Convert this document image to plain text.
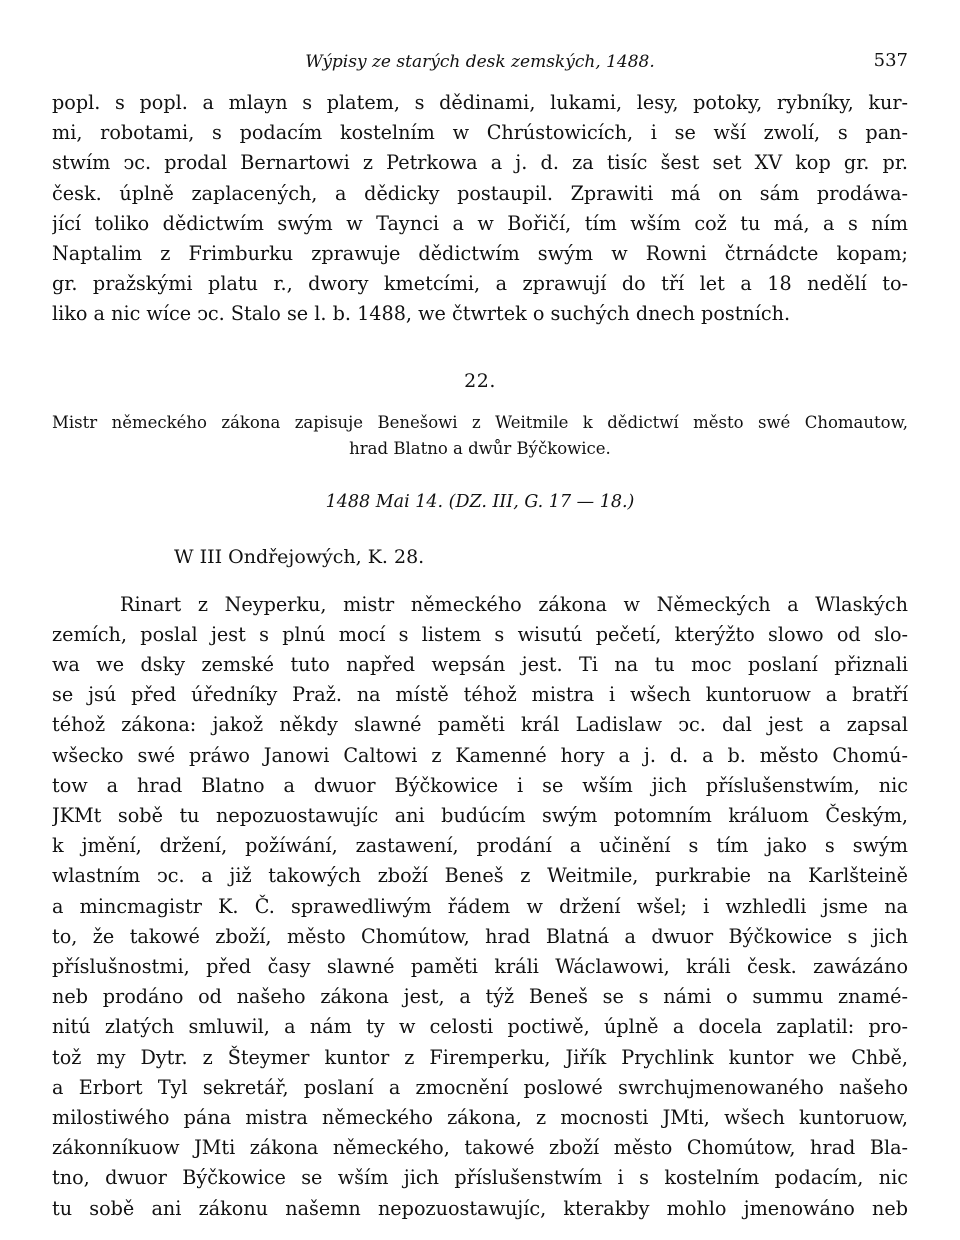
Wýpisy ze starých desk zemských, 1488.	537
popl. s popl. a mlayn s platem, s dědinami, lukami, lesy, potoky, rybníky, kur-
mi, robotami, s podacím kostelním w Chrústowicích, i se wší zwolí, s pan-
stwím ͻc. prodal Bernartowi z Petrkowa a j. d. za tisíc šest set XV kop gr. pr.
česk. úplně zaplacených, a dědicky postaupil. Zprawiti má on sám prodáwa-
jící toliko dědictwím swým w Taynci a w Bořičí, tím wším což tu má, a s ním
Naptalim z Frimburku zprawuje dědictwím swým w Rowni čtrnádcte kopam;
gr. pražskými platu r., dwory kmetcími, a zprawují do tří let a 18 nedělí to-
liko a nic wíce ͻc. Stalo se l. b. 1488, we čtwrtek o suchých dnech postních.
22.
Mistr německého zákona zapisuje Benešowi z Weitmile k dědictwí město swé Chomautow,
hrad Blatno a dwůr Býčkowice.
1488 Mai 14. (DZ. III, G. 17 — 18.)
W III Ondřejowých, K. 28.
Rinart z Neyperku, mistr německého zákona w Německých a Wlaských
zemích, poslal jest s plnú mocí s listem s wisutú pečetí, kterýžto slowo od slo-
wa we dsky zemské tuto napřed wepsán jest. Ti na tu moc poslaní přiznali
se jsú před úředníky Praž. na místě téhož mistra i wšech kuntoruow a bratří
téhož zákona: jakož někdy slawné paměti král Ladislaw ͻc. dal jest a zapsal
wšecko swé práwo Janowi Caltowi z Kamenné hory a j. d. a b. město Chomú-
tow a hrad Blatno a dwuor Býčkowice i se wším jich příslušenstwím, nic
JKMt sobě tu nepozuostawujíc ani budúcím swým potomním králuom Českým,
k jmění, držení, požíwání, zastawení, prodání a učinění s tím jako s swým
wlastním ͻc. a již takowých zboží Beneš z Weitmile, purkrabie na Karlšteině
a mincmagistr K. Č. sprawedliwým řádem w držení wšel; i wzhledli jsme na
to, že takowé zboží, město Chomútow, hrad Blatná a dwuor Býčkowice s jich
příslušnostmi, před časy slawné paměti králi Wáclawowi, králi česk. zawázáno
neb prodáno od našeho zákona jest, a týž Beneš se s námi o summu znamé-
nitú zlatých smluwil, a nám ty w celosti poctiwě, úplně a docela zaplatil: pro-
tož my Dytr. z Šteymer kuntor z Firemperku, Jiřík Prychlink kuntor we Chbě,
a Erbort Tyl sekretář, poslaní a zmocnění poslowé swrchujmenowaného našeho
milostiwého pána mistra německého zákona, z mocnosti JMti, wšech kuntoruow,
zákonníkuow JMti zákona německého, takowé zboží město Chomútow, hrad Bla-
tno, dwuor Býčkowice se wším jich příslušenstwím i s kostelním podacím, nic
tu sobě ani zákonu našemn nepozuostawujíc, kterakby mohlo jmenowáno neb
